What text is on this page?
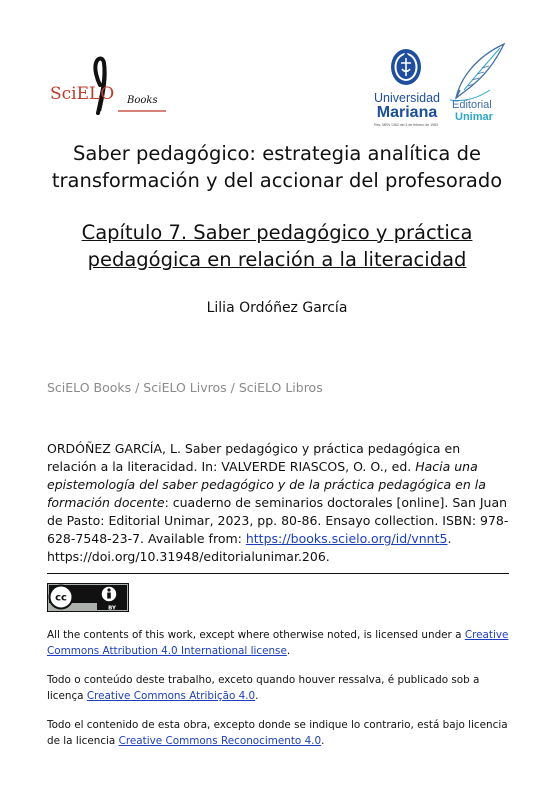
SciELO Books	Universidad
Mariana
Res. MEN 1362 del 3 de febrero de 1983
Editorial
Unimar
Saber pedagógico: estrategia analítica de transformación y del accionar del profesorado
Capítulo 7. Saber pedagógico y práctica pedagógica en relación a la literacidad
Lilia Ordóñez García
SciELO Books / SciELO Livros / SciELO Libros
ORDÓÑEZ GARCÍA, L. Saber pedagógico y práctica pedagógica en relación a la literacidad. In: VALVERDE RIASCOS, O. O., ed. Hacia una epistemología del saber pedagógico y de la práctica pedagógica en la formación docente: cuaderno de seminarios doctorales [online]. San Juan de Pasto: Editorial Unimar, 2023, pp. 80-86. Ensayo collection. ISBN: 978-628-7548-23-7. Available from: https://books.scielo.org/id/vnnt5. https://doi.org/10.31948/editorialunimar.206.
cc
BY
All the contents of this work, except where otherwise noted, is licensed under a Creative Commons Attribution 4.0 International license.
Todo o conteúdo deste trabalho, exceto quando houver ressalva, é publicado sob a licença Creative Commons Atribição 4.0.
Todo el contenido de esta obra, excepto donde se indique lo contrario, está bajo licencia de la licencia Creative Commons Reconocimento 4.0.
